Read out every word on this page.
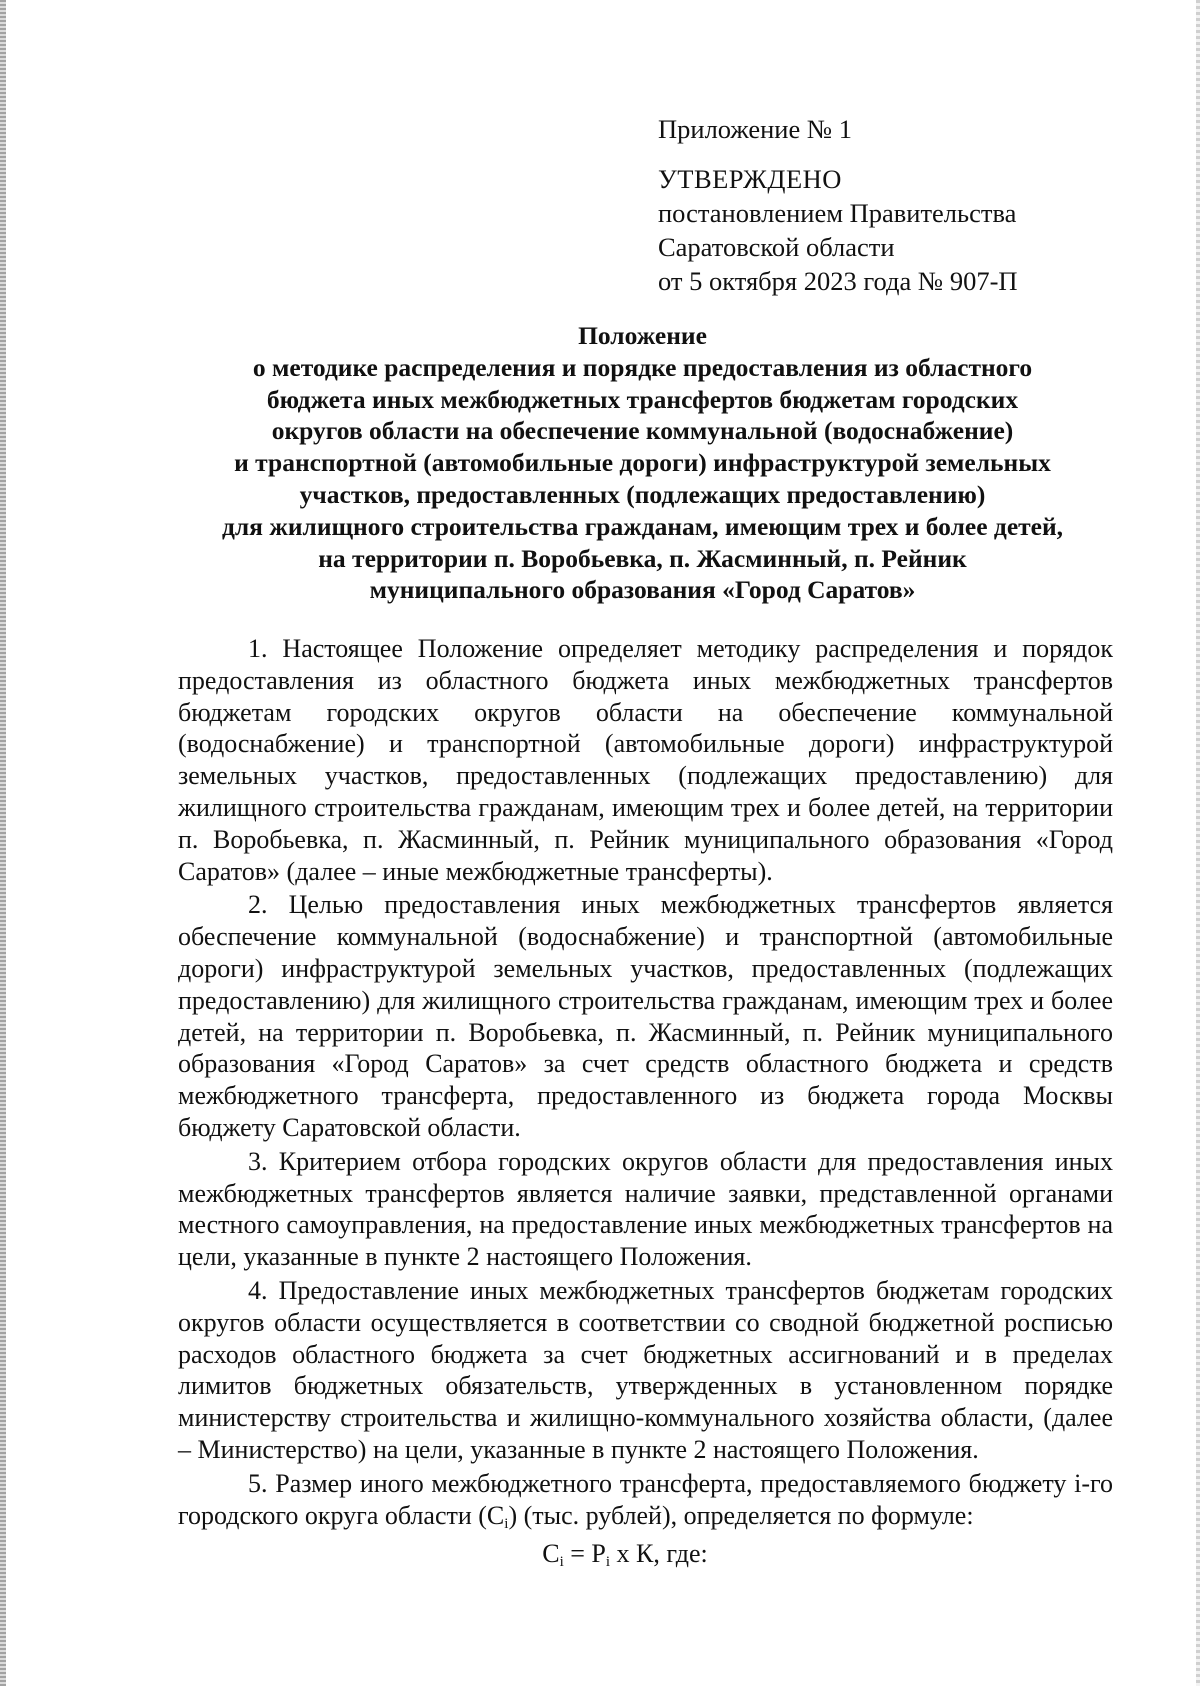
Приложение № 1
УТВЕРЖДЕНО
постановлением Правительства
Саратовской области
от 5 октября 2023 года № 907-П
Положение
о методике распределения и порядке предоставления из областного
бюджета иных межбюджетных трансфертов бюджетам городских
округов области на обеспечение коммунальной (водоснабжение)
и транспортной (автомобильные дороги) инфраструктурой земельных
участков, предоставленных (подлежащих предоставлению)
для жилищного строительства гражданам, имеющим трех и более детей,
на территории п. Воробьевка, п. Жасминный, п. Рейник
муниципального образования «Город Саратов»

1. Настоящее Положение определяет методику распределения и порядок предоставления из областного бюджета иных межбюджетных трансфертов бюджетам городских округов области на обеспечение коммунальной (водоснабжение) и транспортной (автомобильные дороги) инфраструктурой земельных участков, предоставленных (подлежащих предоставлению) для жилищного строительства гражданам, имеющим трех и более детей, на территории п. Воробьевка, п. Жасминный, п. Рейник муниципального образования «Город Саратов» (далее – иные межбюджетные трансферты).

2. Целью предоставления иных межбюджетных трансфертов является обеспечение коммунальной (водоснабжение) и транспортной (автомобильные дороги) инфраструктурой земельных участков, предоставленных (подлежащих предоставлению) для жилищного строительства гражданам, имеющим трех и более детей, на территории п. Воробьевка, п. Жасминный, п. Рейник муниципального образования «Город Саратов» за счет средств областного бюджета и средств межбюджетного трансферта, предоставленного из бюджета города Москвы бюджету Саратовской области.

3. Критерием отбора городских округов области для предоставления иных межбюджетных трансфертов является наличие заявки, представленной органами местного самоуправления, на предоставление иных межбюджетных трансфертов на цели, указанные в пункте 2 настоящего Положения.

4. Предоставление иных межбюджетных трансфертов бюджетам городских округов области осуществляется в соответствии со сводной бюджетной росписью расходов областного бюджета за счет бюджетных ассигнований и в пределах лимитов бюджетных обязательств, утвержденных в установленном порядке министерству строительства и жилищно-коммунального хозяйства области, (далее – Министерство) на цели, указанные в пункте 2 настоящего Положения.

5. Размер иного межбюджетного трансферта, предоставляемого бюджету i-го городского округа области $(С_i)$ (тыс. рублей), определяется по формуле:

$С_i = Р_i$ х К, где:
